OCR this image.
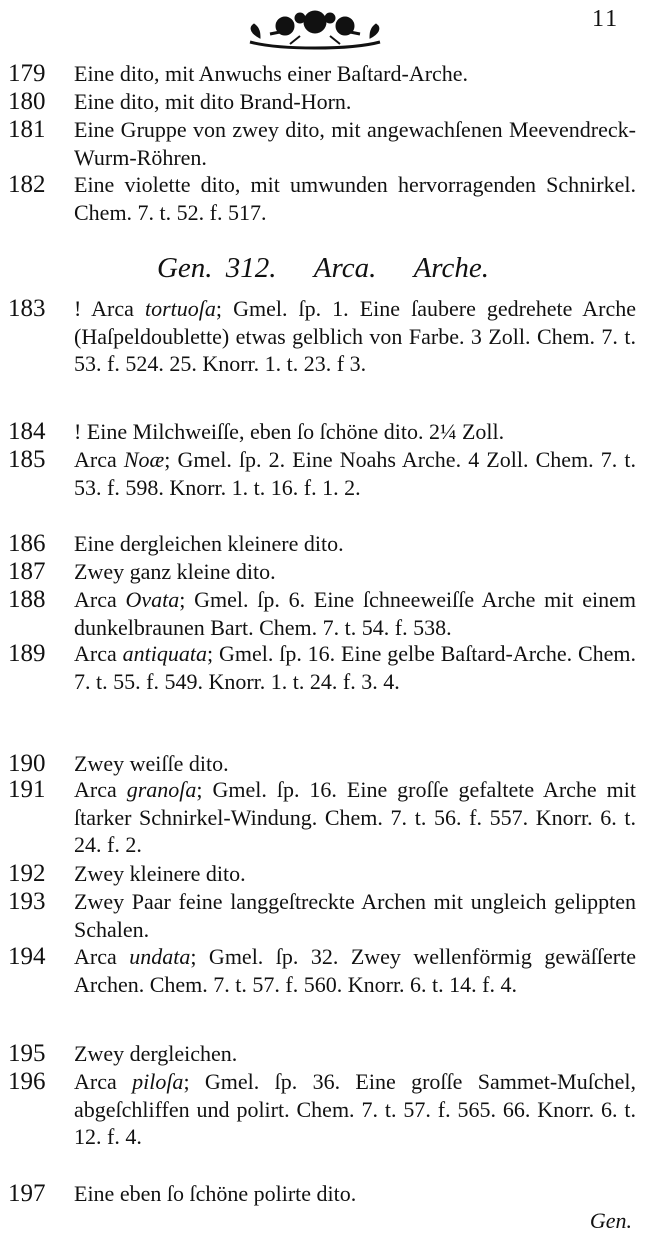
11
179	Eine dito, mit Anwuchs einer Baſtard-Arche.
180	Eine dito, mit dito Brand-Horn.
181	Eine Gruppe von zwey dito, mit angewachſenen Meevendreck-Wurm-Röhren.
182	Eine violette dito, mit umwunden hervorragenden Schnirkel. Chem. 7. t. 52. f. 517.
Gen. 312. Arca. Arche.
183	! Arca tortuoſa; Gmel. ſp. 1. Eine ſaubere gedrehete Arche (Haſpeldoublette) etwas gelblich von Farbe. 3 Zoll. Chem. 7. t. 53. f. 524. 25. Knorr. 1. t. 23. f 3.
184	! Eine Milchweiſſe, eben ſo ſchöne dito. 2¼ Zoll.
185	Arca Noæ; Gmel. ſp. 2. Eine Noahs Arche. 4 Zoll. Chem. 7. t. 53. f. 598. Knorr. 1. t. 16. f. 1. 2.
186	Eine dergleichen kleinere dito.
187	Zwey ganz kleine dito.
188	Arca Ovata; Gmel. ſp. 6. Eine ſchneeweiſſe Arche mit einem dunkelbraunen Bart. Chem. 7. t. 54. f. 538.
189	Arca antiquata; Gmel. ſp. 16. Eine gelbe Baſtard-Arche. Chem. 7. t. 55. f. 549. Knorr. 1. t. 24. f. 3. 4.
190	Zwey weiſſe dito.
191	Arca granoſa; Gmel. ſp. 16. Eine groſſe gefaltete Arche mit ſtarker Schnirkel-Windung. Chem. 7. t. 56. f. 557. Knorr. 6. t. 24. f. 2.
192	Zwey kleinere dito.
193	Zwey Paar feine langgeſtreckte Archen mit ungleich gelippten Schalen.
194	Arca undata; Gmel. ſp. 32. Zwey wellenförmig gewäſſerte Archen. Chem. 7. t. 57. f. 560. Knorr. 6. t. 14. f. 4.
195	Zwey dergleichen.
196	Arca piloſa; Gmel. ſp. 36. Eine groſſe Sammet-Muſchel, abgeſchliffen und polirt. Chem. 7. t. 57. f. 565. 66. Knorr. 6. t. 12. f. 4.
197	Eine eben ſo ſchöne polirte dito.
Gen.
